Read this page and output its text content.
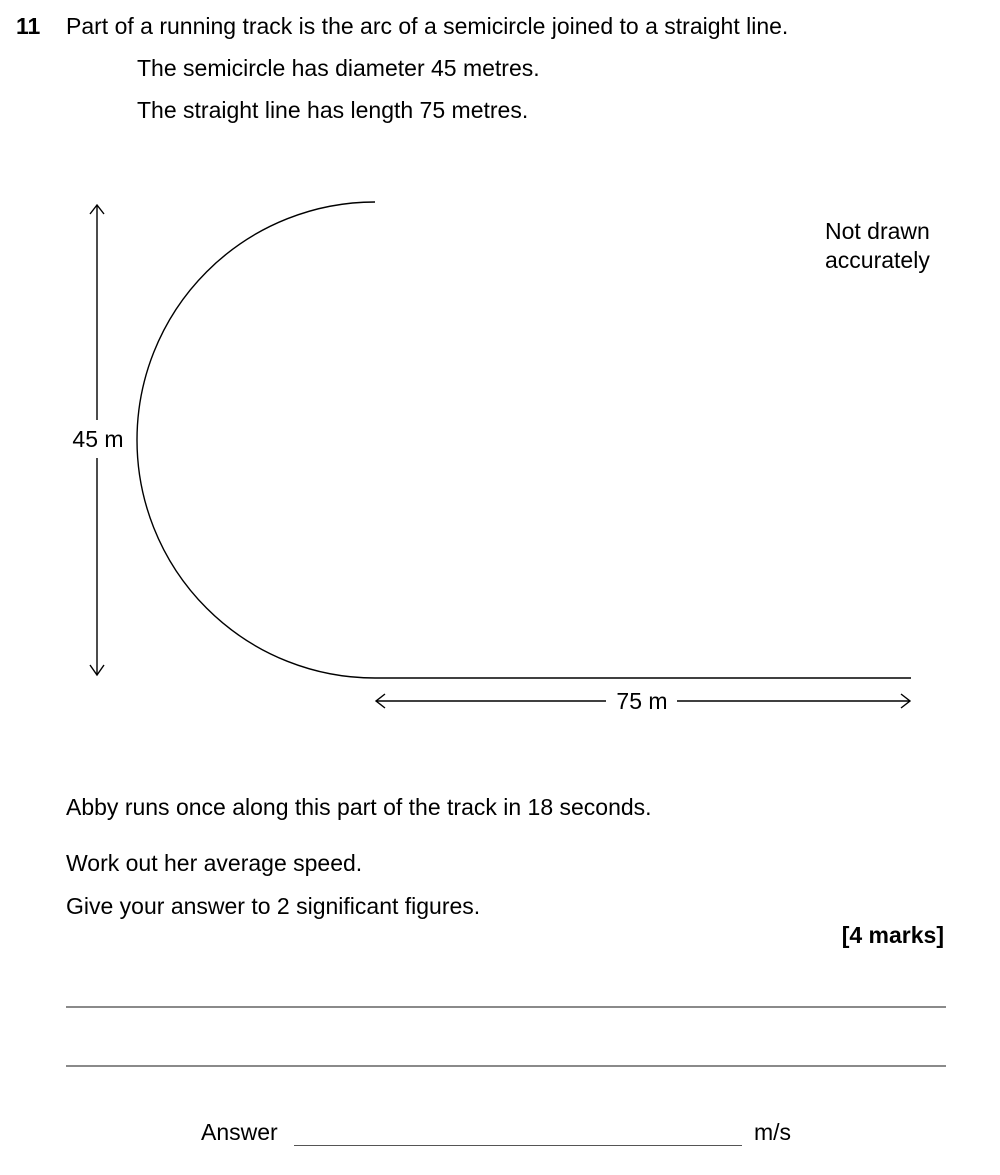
11 Part of a running track is the arc of a semicircle joined to a straight line.
The semicircle has diameter 45 metres.
The straight line has length 75 metres.
45 m
75 m
Not drawn
accurately
Abby runs once along this part of the track in 18 seconds.
Work out her average speed.
Give your answer to 2 significant figures.
[4 marks]
Answer	m/s
